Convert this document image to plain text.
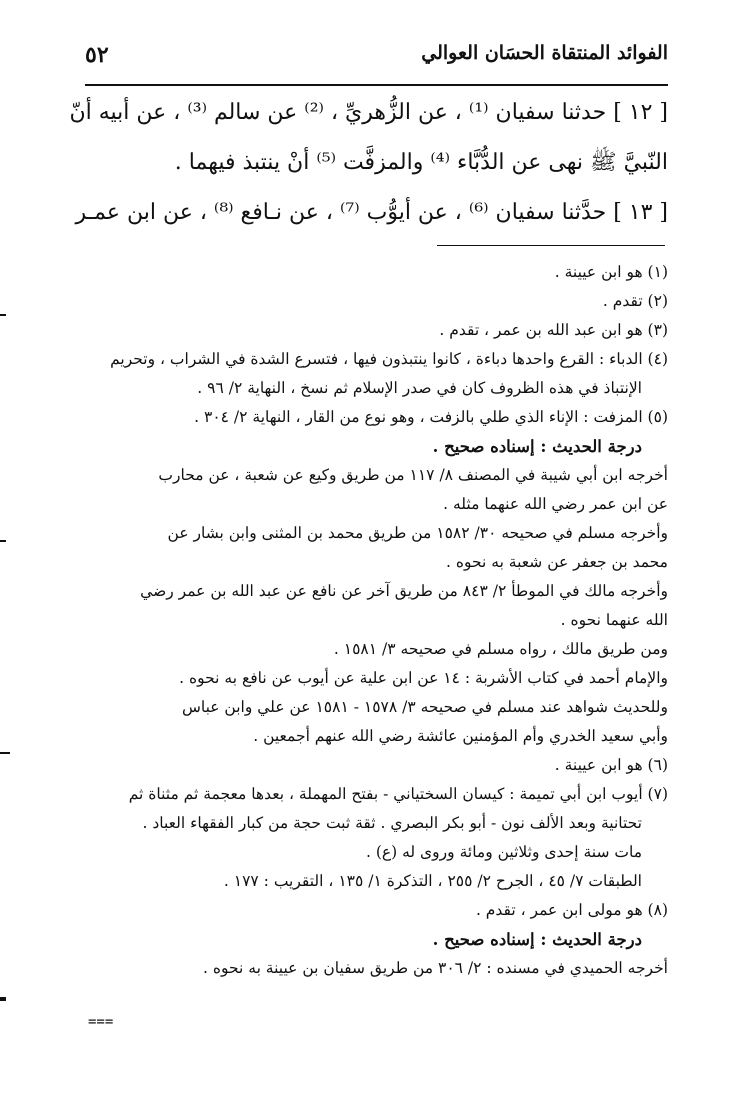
الفوائد المنتقاة الحسَان العوالي
٥٢

[ ١٢ ] حدثنا سفيان ⁽¹⁾ ، عن الزُّهريِّ ، ⁽²⁾ عن سالم ⁽³⁾ ، عن أبيه أنّ

النّبيَّ ﷺ نهى عن الدُّبَّاء ⁽⁴⁾ والمزفَّت ⁽⁵⁾ أنْ ينتبذ فيهما .

[ ١٣ ] حدَّثنا سفيان ⁽⁶⁾ ، عن أيوُّب ⁽⁷⁾ ، عن نـافع ⁽⁸⁾ ، عن ابن عمـر

(١) هو ابن عيينة .

(٢) تقدم .

(٣) هو ابن عبد الله بن عمر ، تقدم .

(٤) الدباء : القرع واحدها دباءة ، كانوا ينتبذون فيها ، فتسرع الشدة في الشراب ، وتحريم

الإنتباذ في هذه الظروف كان في صدر الإسلام ثم نسخ ، النهاية ٢/ ٩٦ .

(٥) المزفت : الإناء الذي طلي بالزفت ، وهو نوع من القار ، النهاية ٢/ ٣٠٤ .

درجة الحديث : إسناده صحيح .

أخرجه ابن أبي شيبة في المصنف ٨/ ١١٧ من طريق وكيع عن شعبة ، عن محارب

عن ابن عمر رضي الله عنهما مثله .

وأخرجه مسلم في صحيحه ٣٠/ ١٥٨٢ من طريق محمد بن المثنى وابن بشار عن

محمد بن جعفر عن شعبة به نحوه .

وأخرجه مالك في الموطأ ٢/ ٨٤٣ من طريق آخر عن نافع عن عبد الله بن عمر رضي

الله عنهما نحوه .

ومن طريق مالك ، رواه مسلم في صحيحه ٣/ ١٥٨١ .

والإمام أحمد في كتاب الأشربة : ١٤ عن ابن علية عن أيوب عن نافع به نحوه .

وللحديث شواهد عند مسلم في صحيحه ٣/ ١٥٧٨ - ١٥٨١ عن علي وابن عباس

وأبي سعيد الخدري وأم المؤمنين عائشة رضي الله عنهم أجمعين .

(٦) هو ابن عيينة .

(٧) أيوب ابن أبي تميمة : كيسان السختياني - بفتح المهملة ، بعدها معجمة ثم مثناة ثم

تحتانية وبعد الألف نون - أبو بكر البصري . ثقة ثبت حجة من كبار الفقهاء العباد .

مات سنة إحدى وثلاثين ومائة وروى له (ع) .

الطبقات ٧/ ٤٥ ، الجرح ٢/ ٢٥٥ ، التذكرة ١/ ١٣٥ ، التقريب : ١٧٧ .

(٨) هو مولى ابن عمر ، تقدم .

درجة الحديث : إسناده صحيح .

أخرجه الحميدي في مسنده : ٢/ ٣٠٦ من طريق سفيان بن عيينة به نحوه .

===
